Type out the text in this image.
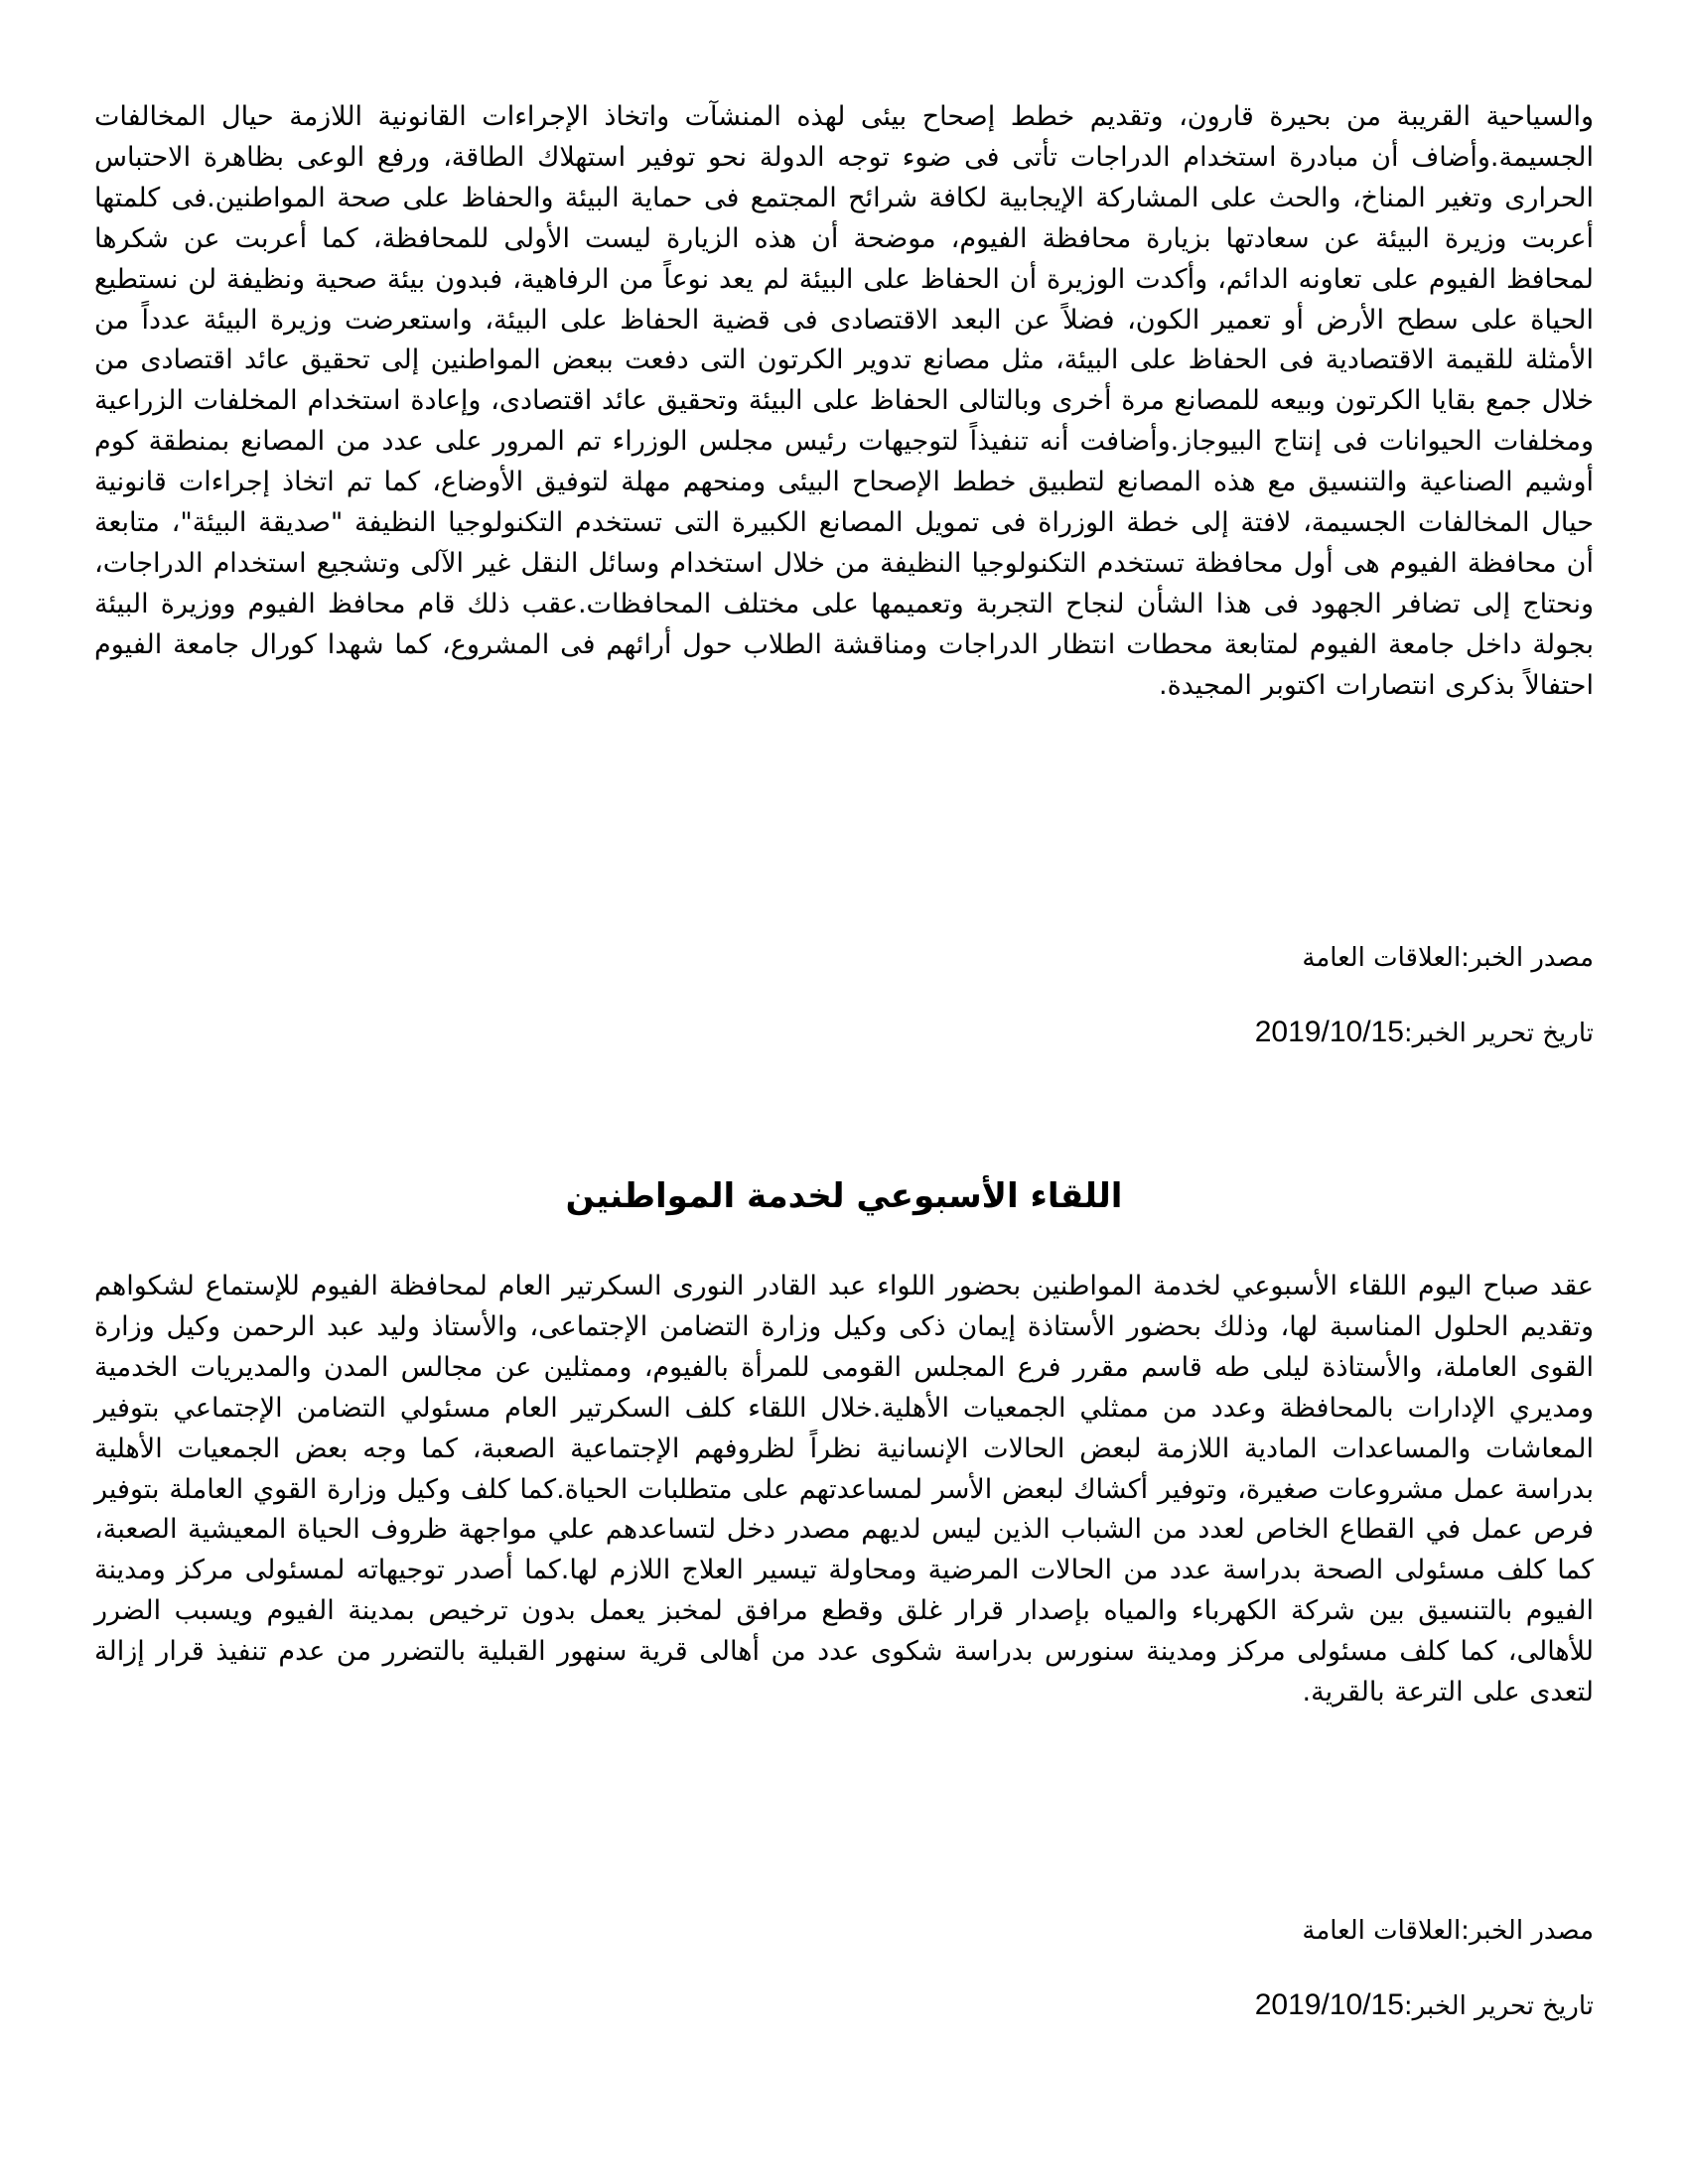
والسياحية القريبة من بحيرة قارون، وتقديم خطط إصحاح بيئى لهذه المنشآت واتخاذ الإجراءات القانونية اللازمة حيال المخالفات الجسيمة.وأضاف أن مبادرة استخدام الدراجات تأتى فى ضوء توجه الدولة نحو توفير استهلاك الطاقة، ورفع الوعى بظاهرة الاحتباس الحرارى وتغير المناخ، والحث على المشاركة الإيجابية لكافة شرائح المجتمع فى حماية البيئة والحفاظ على صحة المواطنين.فى كلمتها أعربت وزيرة البيئة عن سعادتها بزيارة محافظة الفيوم، موضحة أن هذه الزيارة ليست الأولى للمحافظة، كما أعربت عن شكرها لمحافظ الفيوم على تعاونه الدائم، وأكدت الوزيرة أن الحفاظ على البيئة لم يعد نوعاً من الرفاهية، فبدون بيئة صحية ونظيفة لن نستطيع الحياة على سطح الأرض أو تعمير الكون، فضلاً عن البعد الاقتصادى فى قضية الحفاظ على البيئة، واستعرضت وزيرة البيئة عدداً من الأمثلة للقيمة الاقتصادية فى الحفاظ على البيئة، مثل مصانع تدوير الكرتون التى دفعت ببعض المواطنين إلى تحقيق عائد اقتصادى من خلال جمع بقايا الكرتون وبيعه للمصانع مرة أخرى وبالتالى الحفاظ على البيئة وتحقيق عائد اقتصادى، وإعادة استخدام المخلفات الزراعية ومخلفات الحيوانات فى إنتاج البيوجاز.وأضافت أنه تنفيذاً لتوجيهات رئيس مجلس الوزراء تم المرور على عدد من المصانع بمنطقة كوم أوشيم الصناعية والتنسيق مع هذه المصانع لتطبيق خطط الإصحاح البيئى ومنحهم مهلة لتوفيق الأوضاع، كما تم اتخاذ إجراءات قانونية حيال المخالفات الجسيمة، لافتة إلى خطة الوزراة فى تمويل المصانع الكبيرة التى تستخدم التكنولوجيا النظيفة "صديقة البيئة"، متابعة أن محافظة الفيوم هى أول محافظة تستخدم التكنولوجيا النظيفة من خلال استخدام وسائل النقل غير الآلى وتشجيع استخدام الدراجات، ونحتاج إلى تضافر الجهود فى هذا الشأن لنجاح التجربة وتعميمها على مختلف المحافظات.عقب ذلك قام محافظ الفيوم ووزيرة البيئة بجولة داخل جامعة الفيوم لمتابعة محطات انتظار الدراجات ومناقشة الطلاب حول أرائهم فى المشروع، كما شهدا كورال جامعة الفيوم احتفالاً بذكرى انتصارات اكتوبر المجيدة.

مصدر الخبر:العلاقات العامة

تاريخ تحرير الخبر:2019/10/15

اللقاء الأسبوعي لخدمة المواطنين

عقد صباح اليوم اللقاء الأسبوعي لخدمة المواطنين بحضور اللواء عبد القادر النورى السكرتير العام لمحافظة الفيوم للإستماع لشكواهم وتقديم الحلول المناسبة لها، وذلك بحضور الأستاذة إيمان ذكى وكيل وزارة التضامن الإجتماعى، والأستاذ وليد عبد الرحمن وكيل وزارة القوى العاملة، والأستاذة ليلى طه قاسم مقرر فرع المجلس القومى للمرأة بالفيوم، وممثلين عن مجالس المدن والمديريات الخدمية ومديري الإدارات بالمحافظة وعدد من ممثلي الجمعيات الأهلية.خلال اللقاء كلف السكرتير العام مسئولي التضامن الإجتماعي بتوفير المعاشات والمساعدات المادية اللازمة لبعض الحالات الإنسانية نظراً لظروفهم الإجتماعية الصعبة، كما وجه بعض الجمعيات الأهلية بدراسة عمل مشروعات صغيرة، وتوفير أكشاك لبعض الأسر لمساعدتهم على متطلبات الحياة.كما كلف وكيل وزارة القوي العاملة بتوفير فرص عمل في القطاع الخاص لعدد من الشباب الذين ليس لديهم مصدر دخل لتساعدهم علي مواجهة ظروف الحياة المعيشية الصعبة، كما كلف مسئولى الصحة بدراسة عدد من الحالات المرضية ومحاولة تيسير العلاج اللازم لها.كما أصدر توجيهاته لمسئولى مركز ومدينة الفيوم بالتنسيق بين شركة الكهرباء والمياه بإصدار قرار غلق وقطع مرافق لمخبز يعمل بدون ترخيص بمدينة الفيوم ويسبب الضرر للأهالى، كما كلف مسئولى مركز ومدينة سنورس بدراسة شكوى عدد من أهالى قرية سنهور القبلية بالتضرر من عدم تنفيذ قرار إزالة لتعدى على الترعة بالقرية.

مصدر الخبر:العلاقات العامة

تاريخ تحرير الخبر:2019/10/15
